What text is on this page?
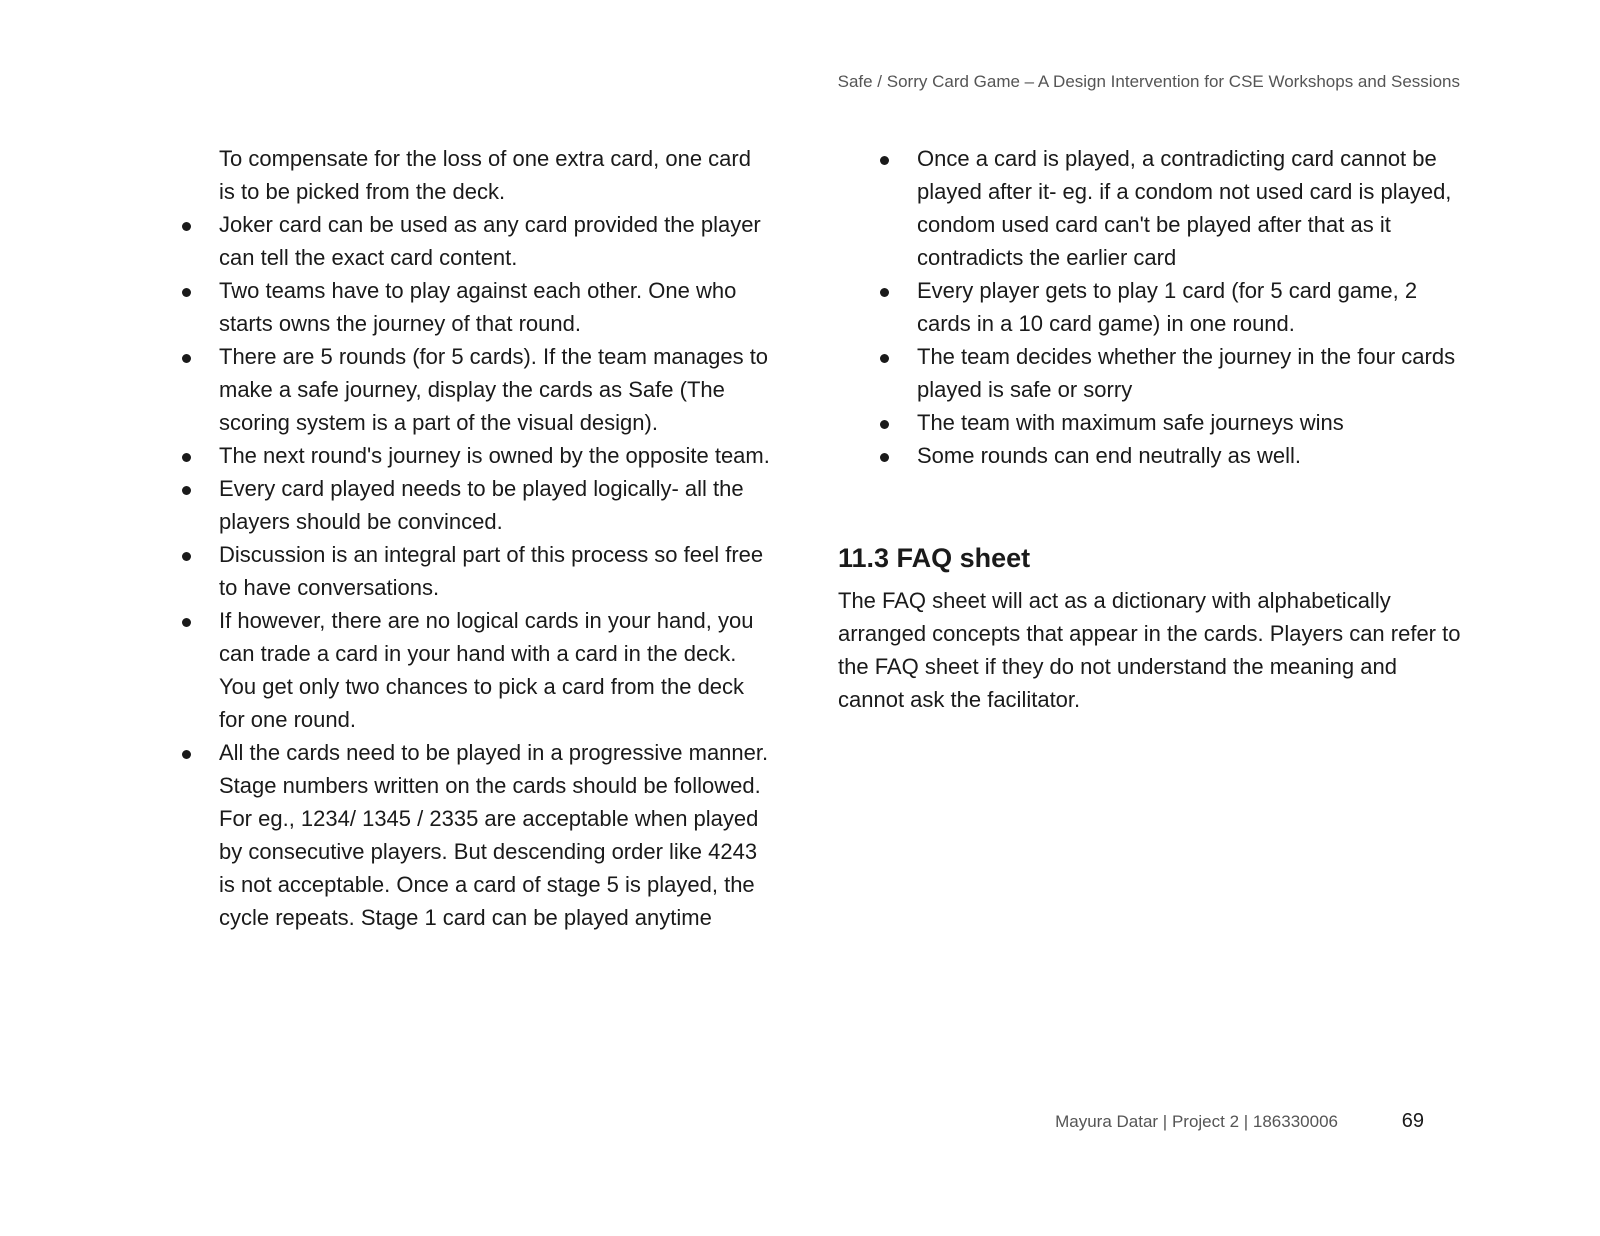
Safe / Sorry Card Game – A Design Intervention for CSE Workshops and Sessions

To compensate for the loss of one extra card, one card is to be picked from the deck.

Joker card can be used as any card provided the player can tell the exact card content.
Two teams have to play against each other. One who starts owns the journey of that round.
There are 5 rounds (for 5 cards). If the team manages to make a safe journey, display the cards as Safe (The scoring system is a part of the visual design).
The next round's journey is owned by the opposite team.
Every card played needs to be played logically- all the players should be convinced.
Discussion is an integral part of this process so feel free to have conversations.
If however, there are no logical cards in your hand, you can trade a card in your hand with a card in the deck. You get only two chances to pick a card from the deck for one round.
All the cards need to be played in a progressive manner. Stage numbers written on the cards should be followed. For eg., 1234/ 1345 / 2335 are acceptable when played by consecutive players. But descending order like 4243 is not acceptable. Once a card of stage 5 is played, the cycle repeats. Stage 1 card can be played anytime
Once a card is played, a contradicting card cannot be played after it- eg. if a condom not used card is played, condom used card can't be played after that as it contradicts the earlier card
Every player gets to play 1 card (for 5 card game, 2 cards in a 10 card game) in one round.
The team decides whether the journey in the four cards played is safe or sorry
The team with maximum safe journeys wins
Some rounds can end neutrally as well.
11.3 FAQ sheet

The FAQ sheet will act as a dictionary with alphabetically arranged concepts that appear in the cards. Players can refer to the FAQ sheet if they do not understand the meaning and cannot ask the facilitator.

Mayura Datar | Project 2 | 186330006	69
